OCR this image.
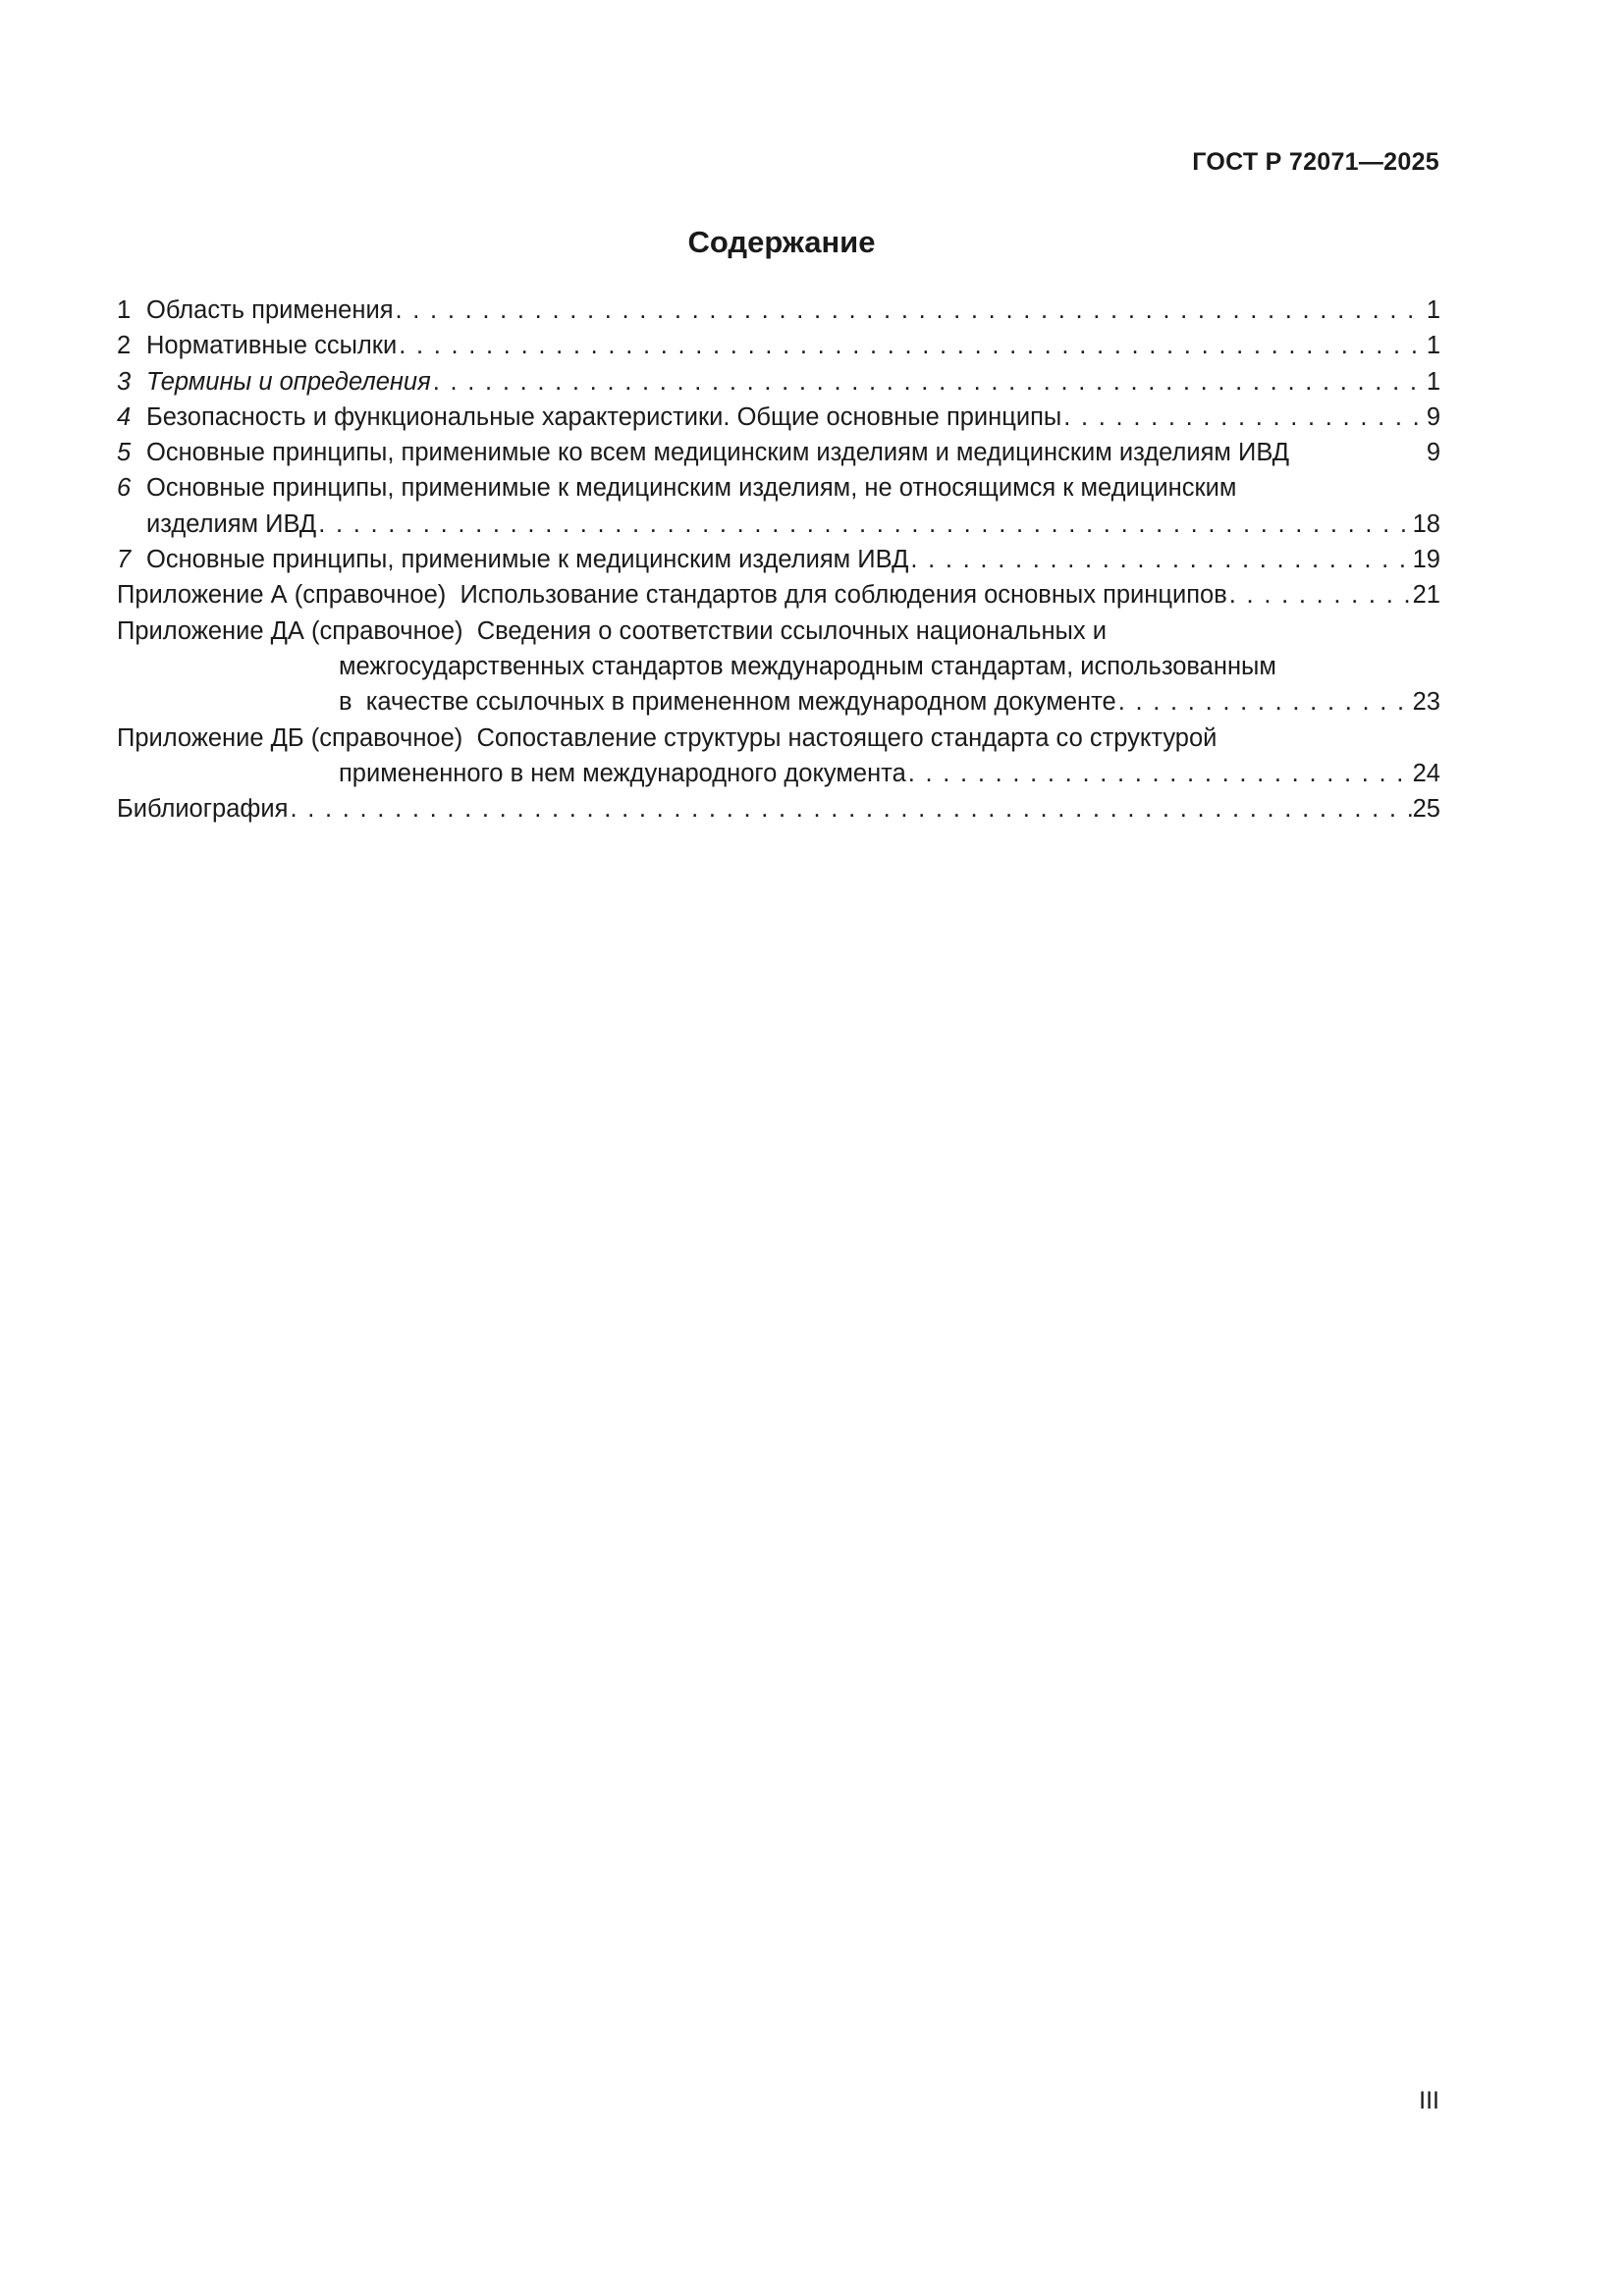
ГОСТ Р 72071—2025
Содержание
1 Область применения . . .	1
2 Нормативные ссылки . . .	1
3 Термины и определения . . .	1
4 Безопасность и функциональные характеристики. Общие основные принципы . . .	9
5 Основные принципы, применимые ко всем медицинским изделиям и медицинским изделиям ИВД	9
6 Основные принципы, применимые к медицинским изделиям, не относящимся к медицинским
изделиям ИВД . . .	18
7 Основные принципы, применимые к медицинским изделиям ИВД . . .	19
Приложение А (справочное)
Использование стандартов для соблюдения основных принципов . . .	21
Приложение ДА (справочное)
Сведения о соответствии ссылочных национальных и
межгосударственных стандартов международным стандартам, использованным
в  качестве ссылочных в примененном международном документе . . .	23
Приложение ДБ (справочное)
Сопоставление структуры настоящего стандарта со структурой
примененного в нем международного документа . . .	24
Библиография . . .	25
III
